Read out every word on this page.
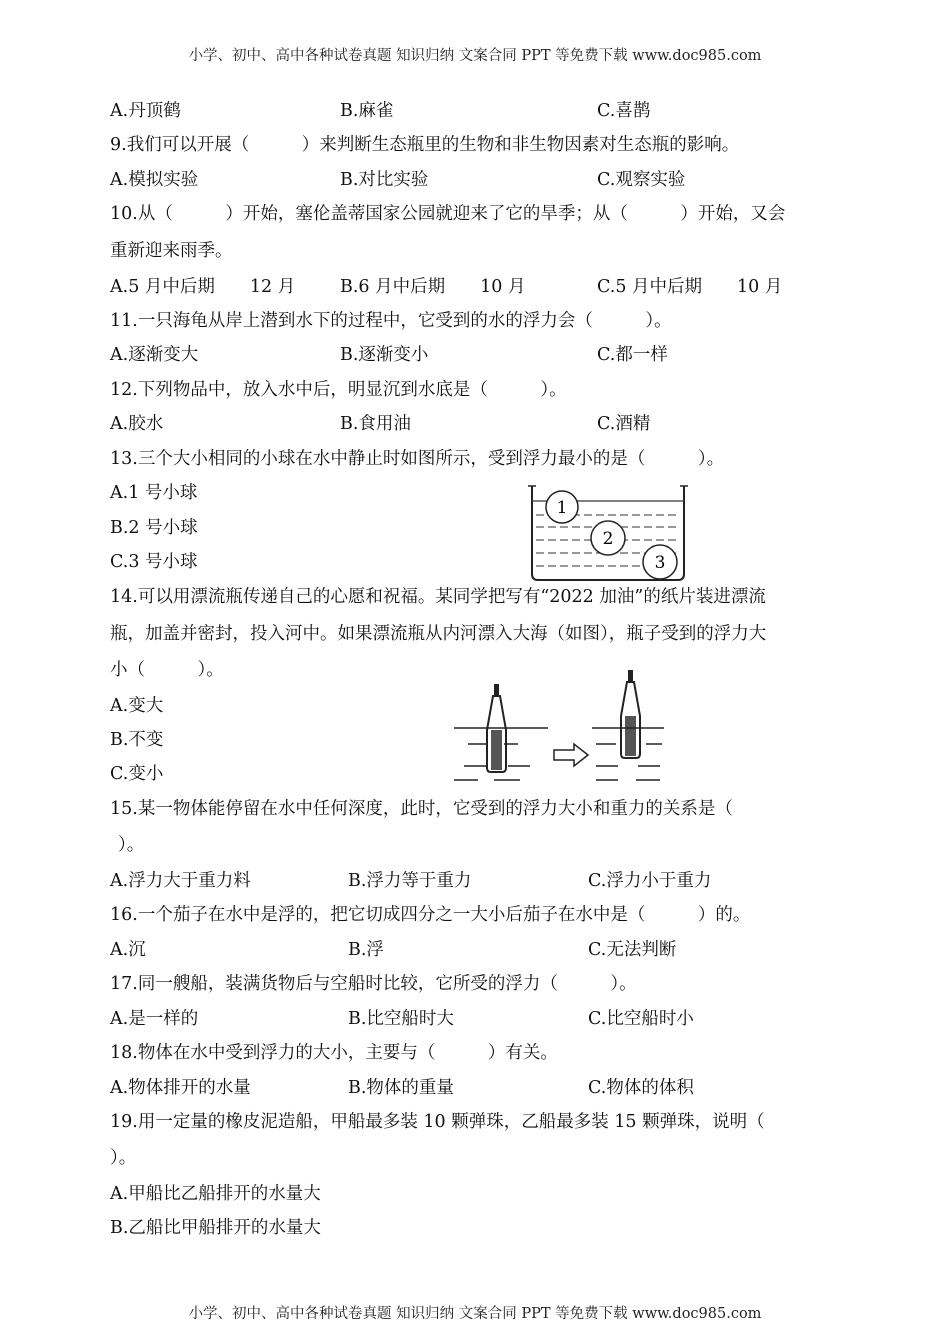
小学、初中、高中各种试卷真题 知识归纳 文案合同 PPT 等免费下载 www.doc985.com
A.丹顶鹤	B.麻雀	C.喜鹊
9.我们可以开展（　　　）来判断生态瓶里的生物和非生物因素对生态瓶的影响。
A.模拟实验	B.对比实验	C.观察实验
10.从（　　　）开始，塞伦盖蒂国家公园就迎来了它的旱季；从（　　　）开始，又会
重新迎来雨季。
A.5 月中后期　　12 月	B.6 月中后期　　10 月	C.5 月中后期　　10 月
11.一只海龟从岸上潜到水下的过程中，它受到的水的浮力会（　　　）。
A.逐渐变大	B.逐渐变小	C.都一样
12.下列物品中，放入水中后，明显沉到水底是（　　　）。
A.胶水	B.食用油	C.酒精
13.三个大小相同的小球在水中静止时如图所示，受到浮力最小的是（　　　）。
A.1 号小球
B.2 号小球
C.3 号小球
1
2
3
14.可以用漂流瓶传递自己的心愿和祝福。某同学把写有“2022 加油”的纸片装进漂流
瓶，加盖并密封，投入河中。如果漂流瓶从内河漂入大海（如图），瓶子受到的浮力大
小（　　　）。
A.变大
B.不变
C.变小
15.某一物体能停留在水中任何深度，此时，它受到的浮力大小和重力的关系是（
）。
A.浮力大于重力料	B.浮力等于重力	C.浮力小于重力
16.一个茄子在水中是浮的，把它切成四分之一大小后茄子在水中是（　　　）的。
A.沉	B.浮	C.无法判断
17.同一艘船，装满货物后与空船时比较，它所受的浮力（　　　）。
A.是一样的	B.比空船时大	C.比空船时小
18.物体在水中受到浮力的大小，主要与（　　　）有关。
A.物体排开的水量	B.物体的重量	C.物体的体积
19.用一定量的橡皮泥造船，甲船最多装 10 颗弹珠，乙船最多装 15 颗弹珠，说明（
）。
A.甲船比乙船排开的水量大
B.乙船比甲船排开的水量大
小学、初中、高中各种试卷真题 知识归纳 文案合同 PPT 等免费下载 www.doc985.com
